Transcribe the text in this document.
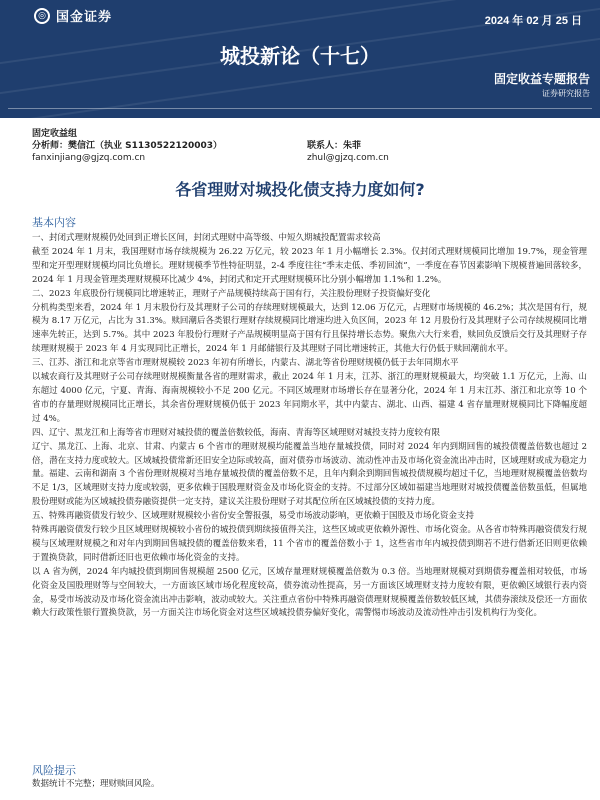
◎ 国金证券	2024 年 02 月 25 日
城投新论（十七）
固定收益专题报告
证券研究报告
固定收益组
分析师：樊信江（执业 S1130522120003）	联系人：朱菲
fanxinjiang@gjzq.com.cn	zhul@gjzq.com.cn
各省理财对城投化债支持力度如何?
基本内容

一、封闭式理财规模仍处回到正增长区间，封闭式理财中高等级、中短久期城投配置需求较高

截至 2024 年 1 月末，我国理财市场存续规模为 26.22 万亿元，较 2023 年 1 月小幅增长 2.3%。仅封闭式理财规模同比增加 19.7%，现金管理型和定开型理财规模均同比负增长。理财规模季节性特征明显，2-4 季度往往“季末走低、季初回流”，一季度在春节因素影响下规模普遍回落较多，2024 年 1 月现金管理类理财规模环比减少 4%，封闭式和定开式理财规模环比分别小幅增加 1.1%和 1.2%。

二、2023 年底股份行规模同比增速转正，理财子产品规模持续高于国有行，关注股份理财子投资偏好变化

分机构类型来看，2024 年 1 月末股份行及其理财子公司的存续理财规模最大，达到 12.06 万亿元，占理财市场规模的 46.2%；其次是国有行，规模为 8.17 万亿元，占比为 31.3%。赎回潮后各类银行理财存续规模同比增速均进入负区间，2023 年 12 月股份行及其理财子公司存续规模同比增速率先转正，达到 5.7%。其中 2023 年股份行理财子产品规模明显高于国有行且保持增长态势。聚焦六大行来看，赎回负反馈后交行及其理财子存续理财规模于 2023 年 4 月实现同比正增长，2024 年 1 月邮储银行及其理财子同比增速转正，其他大行仍低于赎回潮前水平。

三、江苏、浙江和北京等省市理财规模较 2023 年初有所增长，内蒙古、湖北等省份理财规模仍低于去年同期水平

以城农商行及其理财子公司存续理财规模衡量各省的理财需求，截止 2024 年 1 月末，江苏、浙江的理财规模最大，均突破 1.1 万亿元，上海、山东超过 4000 亿元，宁夏、青海、海南规模较小不足 200 亿元。不同区域理财市场增长存在显著分化，2024 年 1 月末江苏、浙江和北京等 10 个省市的存量理财规模同比正增长，其余省份理财规模仍低于 2023 年同期水平，其中内蒙古、湖北、山西、福建 4 省存量理财规模同比下降幅度超过 4%。

四、辽宁、黑龙江和上海等省市理财对城投债的覆盖倍数较低，海南、青海等区域理财对城投支持力度较有限

辽宁、黑龙江、上海、北京、甘肃、内蒙古 6 个省市的理财规模均能覆盖当地存量城投债，同时对 2024 年内到期回售的城投债覆盖倍数也超过 2 倍，潜在支持力度或较大。区域城投债常新还旧安全边际或较高，面对债券市场波动、流动性冲击及市场化资金流出冲击时，区域理财或成为稳定力量。福建、云南和湖南 3 个省份理财规模对当地存量城投债的覆盖倍数不足，且年内剩余到期回售城投债规模均超过千亿，当地理财规模覆盖倍数均不足 1/3，区域理财支持力度或较弱，更多依赖于国股理财资金及市场化资金的支持。不过部分区域如福建当地理财对城投债覆盖倍数虽低，但属地股份理财或能为区域城投债券融资提供一定支持，建议关注股份理财子对其配位所在区域城投债的支持力度。

五、特殊再融资债发行较少、区域理财规模较小省份安全警报强，易受市场波动影响，更依赖于国股及市场化资金支持

特殊再融资债发行较少且区域理财规模较小省份的城投债到期续接值得关注，这些区域或更依赖外源性、市场化资金。从各省市特殊再融资债发行规模与区域理财规模之和对年内到期回售城投债的覆盖倍数来看，11 个省市的覆盖倍数小于 1，这些省市年内城投债到期若不进行借新还旧则更依赖于置换贷款，同时借新还旧也更依赖市场化资金的支持。

以 A 省为例，2024 年内城投债到期回售规模超 2500 亿元，区域存量理财规模覆盖倍数为 0.3 倍。当地理财规模对到期债券覆盖相对较低，市场化资金及国股理财等与空间较大，一方面该区域市场化程度较高，债券流动性提高，另一方面该区域理财支持力度较有限，更依赖区域银行表内资金，易受市场波动及市场化资金流出冲击影响，波动或较大。关注重点省份中特殊再融资债理财规模覆盖倍数较低区域，其债券滚续及偿还一方面依赖大行政策性银行置换贷款，另一方面关注市场化资金对这些区域城投债券偏好变化，需警惕市场波动及流动性冲击引发机构行为变化。

风险提示
数据统计不完整；理财赎回风险。
